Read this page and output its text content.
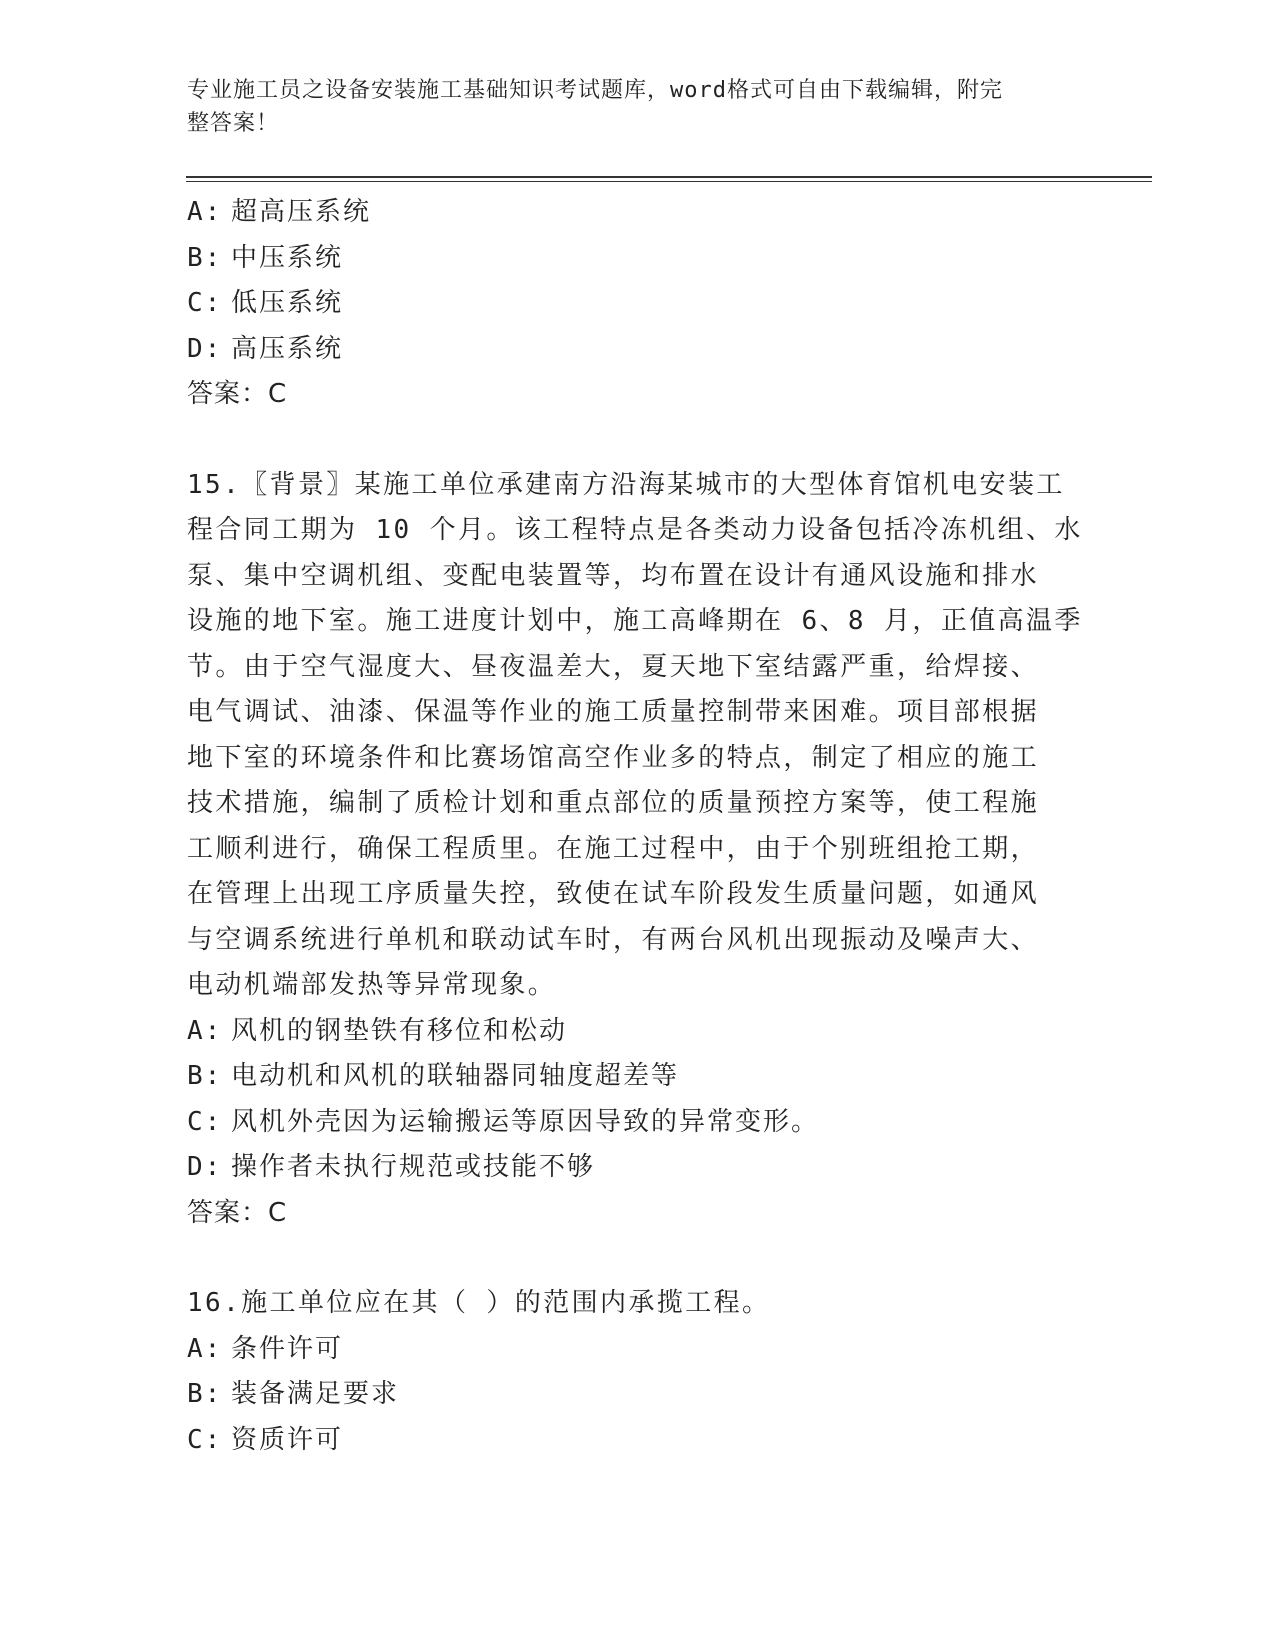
专业施工员之设备安装施工基础知识考试题库，word格式可自由下载编辑，附完
整答案！
A: 超高压系统
B: 中压系统
C: 低压系统
D: 高压系统
答案：C
15.〖背景〗某施工单位承建南方沿海某城市的大型体育馆机电安装工
程合同工期为 10 个月。该工程特点是各类动力设备包括冷冻机组、水
泵、集中空调机组、变配电装置等，均布置在设计有通风设施和排水
设施的地下室。施工进度计划中，施工高峰期在 6、8 月，正值高温季
节。由于空气湿度大、昼夜温差大，夏天地下室结露严重，给焊接、
电气调试、油漆、保温等作业的施工质量控制带来困难。项目部根据
地下室的环境条件和比赛场馆高空作业多的特点，制定了相应的施工
技术措施，编制了质检计划和重点部位的质量预控方案等，使工程施
工顺利进行，确保工程质里。在施工过程中，由于个别班组抢工期，
在管理上出现工序质量失控，致使在试车阶段发生质量问题，如通风
与空调系统进行单机和联动试车时，有两台风机出现振动及噪声大、
电动机端部发热等异常现象。
A: 风机的钢垫铁有移位和松动
B: 电动机和风机的联轴器同轴度超差等
C: 风机外壳因为运输搬运等原因导致的异常变形。
D: 操作者未执行规范或技能不够
答案：C
16.施工单位应在其（ ）的范围内承揽工程。
A: 条件许可
B: 装备满足要求
C: 资质许可
